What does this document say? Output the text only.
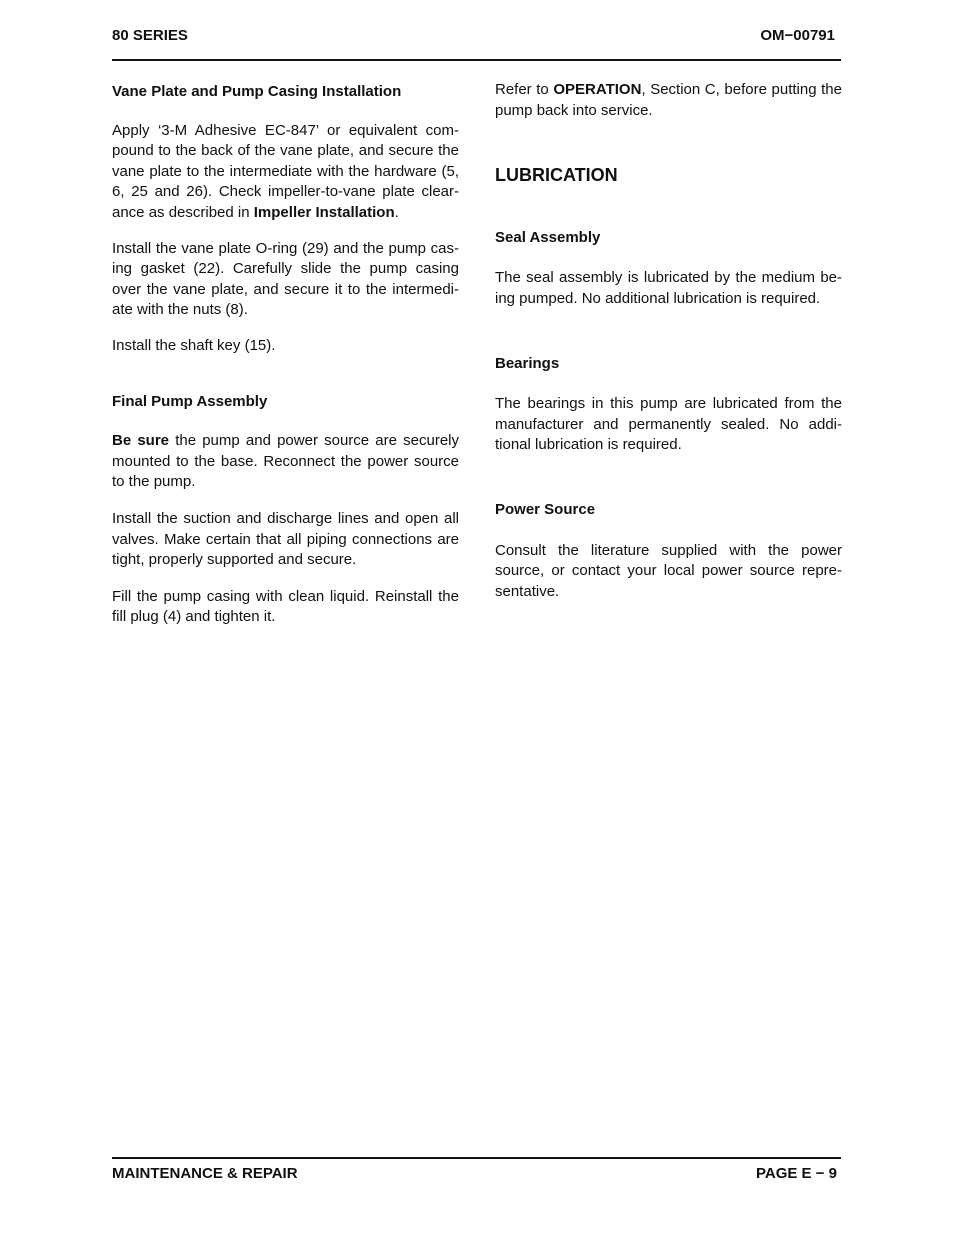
80 SERIES	OM−00791

Vane Plate and Pump Casing Installation

Apply ‘3-M Adhesive EC-847’ or equivalent com- pound to the back of the vane plate, and secure the vane plate to the intermediate with the hardware (5, 6, 25 and 26). Check impeller-to-vane plate clear- ance as described in Impeller Installation.

Install the vane plate O-ring (29) and the pump cas- ing gasket (22). Carefully slide the pump casing over the vane plate, and secure it to the intermedi- ate with the nuts (8).

Install the shaft key (15).

Final Pump Assembly

Be sure the pump and power source are securely mounted to the base. Reconnect the power source to the pump.

Install the suction and discharge lines and open all valves. Make certain that all piping connections are tight, properly supported and secure.

Fill the pump casing with clean liquid. Reinstall the fill plug (4) and tighten it.

Refer to OPERATION, Section C, before putting the pump back into service.

LUBRICATION

Seal Assembly

The seal assembly is lubricated by the medium be- ing pumped. No additional lubrication is required.

Bearings

The bearings in this pump are lubricated from the manufacturer and permanently sealed. No addi- tional lubrication is required.

Power Source

Consult the literature supplied with the power source, or contact your local power source repre- sentative.

MAINTENANCE & REPAIR	PAGE E − 9
